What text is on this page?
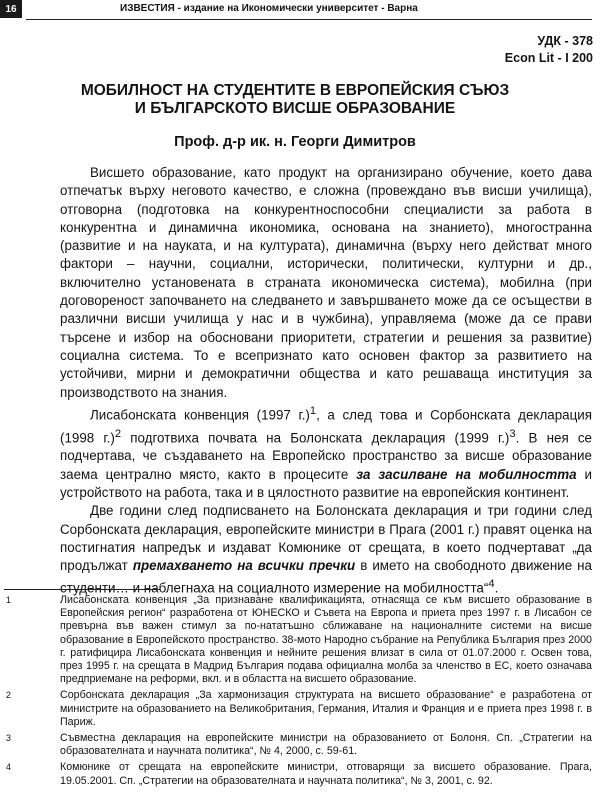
16	ИЗВЕСТИЯ - издание на Икономически университет - Варна
УДК - 378
Econ Lit - I 200
МОБИЛНОСТ НА СТУДЕНТИТЕ В ЕВРОПЕЙСКИЯ СЪЮЗ
И БЪЛГАРСКОТО ВИСШЕ ОБРАЗОВАНИЕ
Проф. д-р ик. н. Георги Димитров

Висшето образование, като продукт на организирано обучение, което дава отпечатък върху неговото качество, е сложна (провеждано във висши училища), отговорна (подготовка на конкурентноспособни специалисти за работа в конкурентна и динамична икономика, основана на знанието), многостранна (развитие и на науката, и на културата), динамична (върху него действат много фактори – научни, социални, исторически, политически, културни и др., включително установената в страната икономическа система), мобилна (при договореност започването на следването и завършването може да се осъществи в различни висши училища у нас и в чужбина), управляема (може да се прави търсене и избор на обосновани приоритети, стратегии и решения за развитие) социална система. То е всепризнато като основен фактор за развитието на устойчиви, мирни и демократични общества и като решаваща институция за производството на знания.

Лисабонската конвенция (1997 г.)$^1$, а след това и Сорбонската декларация (1998 г.)$^2$ подготвиха почвата на Болонската декларация (1999 г.)$^3$. В нея се подчертава, че създаването на Европейско пространство за висше образование заема централно място, както в процесите за засилване на мобилността и устройството на работа, така и в цялостното развитие на европейския континент.

Две години след подписването на Болонската декларация и три години след Сорбонската декларация, европейските министри в Прага (2001 г.) правят оценка на постигнатия напредък и издават Комюнике от срещата, в което подчертават „да продължат премахването на всички пречки в името на свободното движение на студенти… и наблегнаха на социалното измерение на мобилността“$^4$.

1	Лисабонската конвенция „За признаване квалификацията, отнасяща се към висшето образование в Европейския регион“ разработена от ЮНЕСКО и Съвета на Европа и приета през 1997 г. в Лисабон се превърна във важен стимул за по-нататъшно сближаване на националните системи на висше образование в Европейското пространство. 38-мото Народно събрание на Република България през 2000 г. ратифицира Лисабонската конвенция и нейните решения влизат в сила от 01.07.2000 г. Освен това, през 1995 г. на срещата в Мадрид България подава официална молба за членство в ЕС, което означава предприемане на реформи, вкл. и в областта на висшето образование.
2	Сорбонската декларация „За хармонизация структурата на висшето образование“ е разработена от министрите на образованието на Великобритания, Германия, Италия и Франция и е приета през 1998 г. в Париж.
3	Съвместна декларация на европейските министри на образованието от Болоня. Сп. „Стратегии на образователната и научната политика“, № 4, 2000, с. 59-61.
4	Комюнике от срещата на европейските министри, отговарящи за висшето образование. Прага, 19.05.2001. Сп. „Стратегии на образователната и научната политика“, № 3, 2001, с. 92.
